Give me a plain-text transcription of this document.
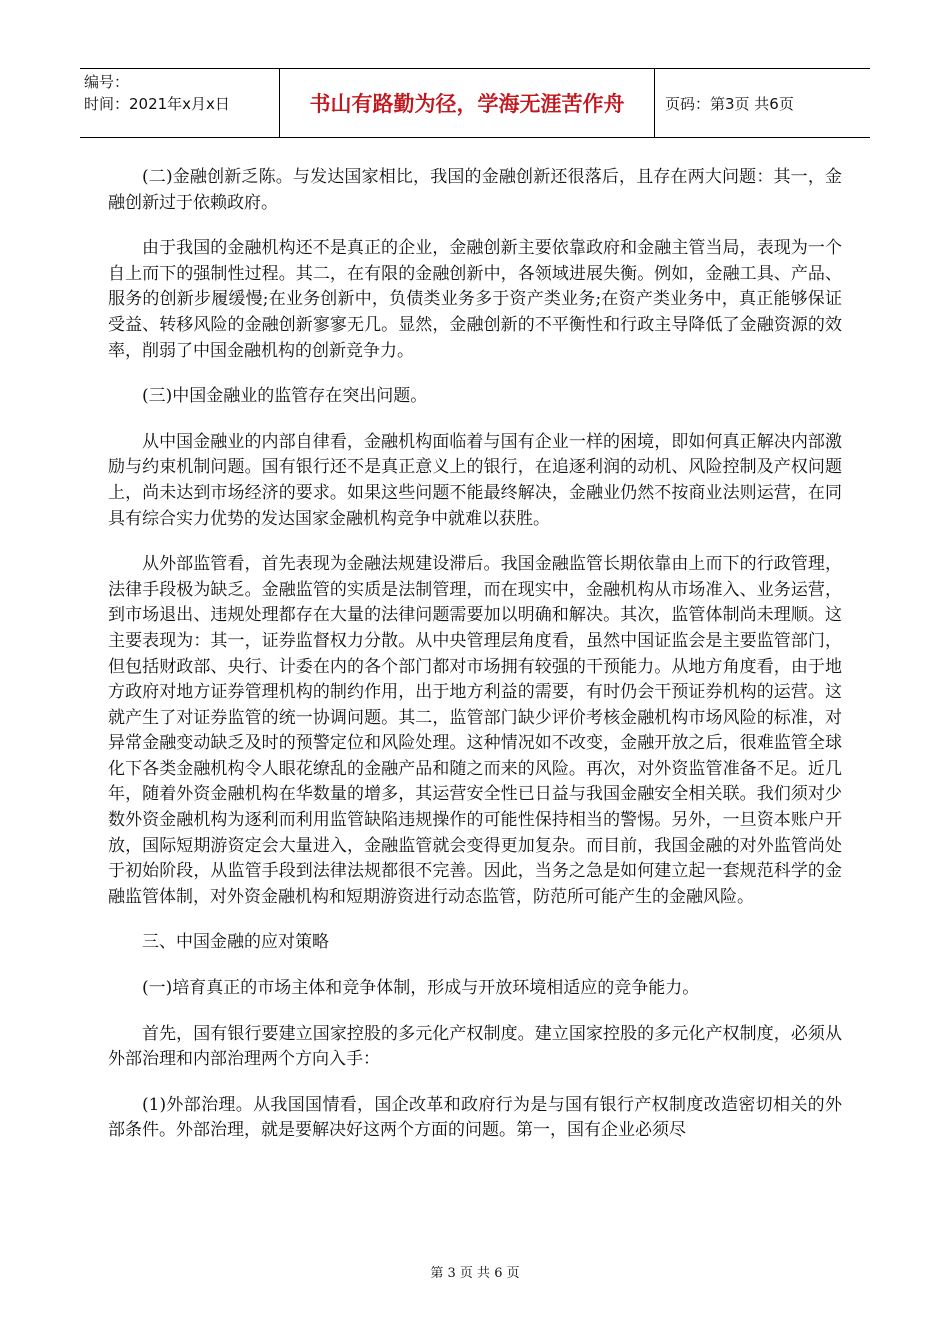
编号：
时间：2021年x月x日	书山有路勤为径，学海无涯苦作舟	页码：第3页 共6页

(二)金融创新乏陈。与发达国家相比，我国的金融创新还很落后，且存在两大问题：其一，金融创新过于依赖政府。

由于我国的金融机构还不是真正的企业，金融创新主要依靠政府和金融主管当局，表现为一个自上而下的强制性过程。其二，在有限的金融创新中，各领域进展失衡。例如，金融工具、产品、服务的创新步履缓慢;在业务创新中，负债类业务多于资产类业务;在资产类业务中，真正能够保证受益、转移风险的金融创新寥寥无几。显然，金融创新的不平衡性和行政主导降低了金融资源的效率，削弱了中国金融机构的创新竞争力。

(三)中国金融业的监管存在突出问题。

从中国金融业的内部自律看，金融机构面临着与国有企业一样的困境，即如何真正解决内部激励与约束机制问题。国有银行还不是真正意义上的银行，在追逐利润的动机、风险控制及产权问题上，尚未达到市场经济的要求。如果这些问题不能最终解决，金融业仍然不按商业法则运营，在同具有综合实力优势的发达国家金融机构竞争中就难以获胜。

从外部监管看，首先表现为金融法规建设滞后。我国金融监管长期依靠由上而下的行政管理，法律手段极为缺乏。金融监管的实质是法制管理，而在现实中，金融机构从市场准入、业务运营，到市场退出、违规处理都存在大量的法律问题需要加以明确和解决。其次，监管体制尚未理顺。这主要表现为：其一，证券监督权力分散。从中央管理层角度看，虽然中国证监会是主要监管部门，但包括财政部、央行、计委在内的各个部门都对市场拥有较强的干预能力。从地方角度看，由于地方政府对地方证券管理机构的制约作用，出于地方利益的需要，有时仍会干预证券机构的运营。这就产生了对证券监管的统一协调问题。其二，监管部门缺少评价考核金融机构市场风险的标准，对异常金融变动缺乏及时的预警定位和风险处理。这种情况如不改变，金融开放之后，很难监管全球化下各类金融机构令人眼花缭乱的金融产品和随之而来的风险。再次，对外资监管准备不足。近几年，随着外资金融机构在华数量的增多，其运营安全性已日益与我国金融安全相关联。我们须对少数外资金融机构为逐利而利用监管缺陷违规操作的可能性保持相当的警惕。另外，一旦资本账户开放，国际短期游资定会大量进入，金融监管就会变得更加复杂。而目前，我国金融的对外监管尚处于初始阶段，从监管手段到法律法规都很不完善。因此，当务之急是如何建立起一套规范科学的金融监管体制，对外资金融机构和短期游资进行动态监管，防范所可能产生的金融风险。

三、中国金融的应对策略

(一)培育真正的市场主体和竞争体制，形成与开放环境相适应的竞争能力。

首先，国有银行要建立国家控股的多元化产权制度。建立国家控股的多元化产权制度，必须从外部治理和内部治理两个方向入手：

(1)外部治理。从我国国情看，国企改革和政府行为是与国有银行产权制度改造密切相关的外部条件。外部治理，就是要解决好这两个方面的问题。第一，国有企业必须尽

第 3 页 共 6 页
